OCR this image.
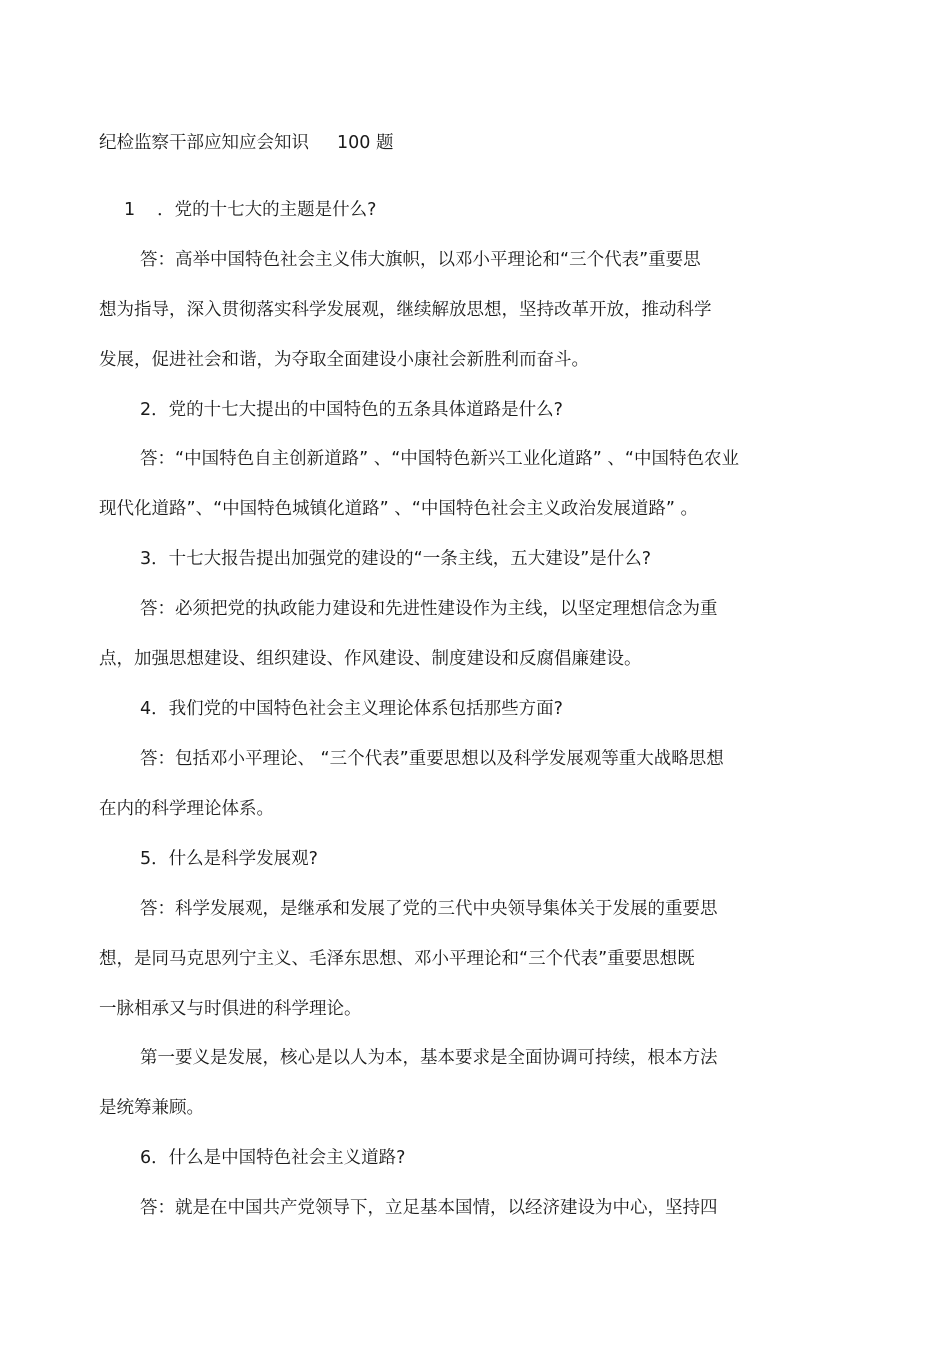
纪检监察干部应知应会知识 100 题
1 ．党的十七大的主题是什么?
答：高举中国特色社会主义伟大旗帜，以邓小平理论和“三个代表”重要思
想为指导，深入贯彻落实科学发展观，继续解放思想，坚持改革开放，推动科学
发展，促进社会和谐，为夺取全面建设小康社会新胜利而奋斗。
2．党的十七大提出的中国特色的五条具体道路是什么?
答：“中国特色自主创新道路” 、“中国特色新兴工业化道路” 、“中国特色农业
现代化道路”、“中国特色城镇化道路” 、“中国特色社会主义政治发展道路” 。
3．十七大报告提出加强党的建设的“一条主线，五大建设”是什么?
答：必须把党的执政能力建设和先进性建设作为主线，以坚定理想信念为重
点，加强思想建设、组织建设、作风建设、制度建设和反腐倡廉建设。
4．我们党的中国特色社会主义理论体系包括那些方面?
答：包括邓小平理论、 “三个代表”重要思想以及科学发展观等重大战略思想
在内的科学理论体系。
5．什么是科学发展观?
答：科学发展观，是继承和发展了党的三代中央领导集体关于发展的重要思
想，是同马克思列宁主义、毛泽东思想、邓小平理论和“三个代表”重要思想既
一脉相承又与时俱进的科学理论。
第一要义是发展，核心是以人为本，基本要求是全面协调可持续，根本方法
是统筹兼顾。
6．什么是中国特色社会主义道路?
答：就是在中国共产党领导下，立足基本国情，以经济建设为中心，坚持四
